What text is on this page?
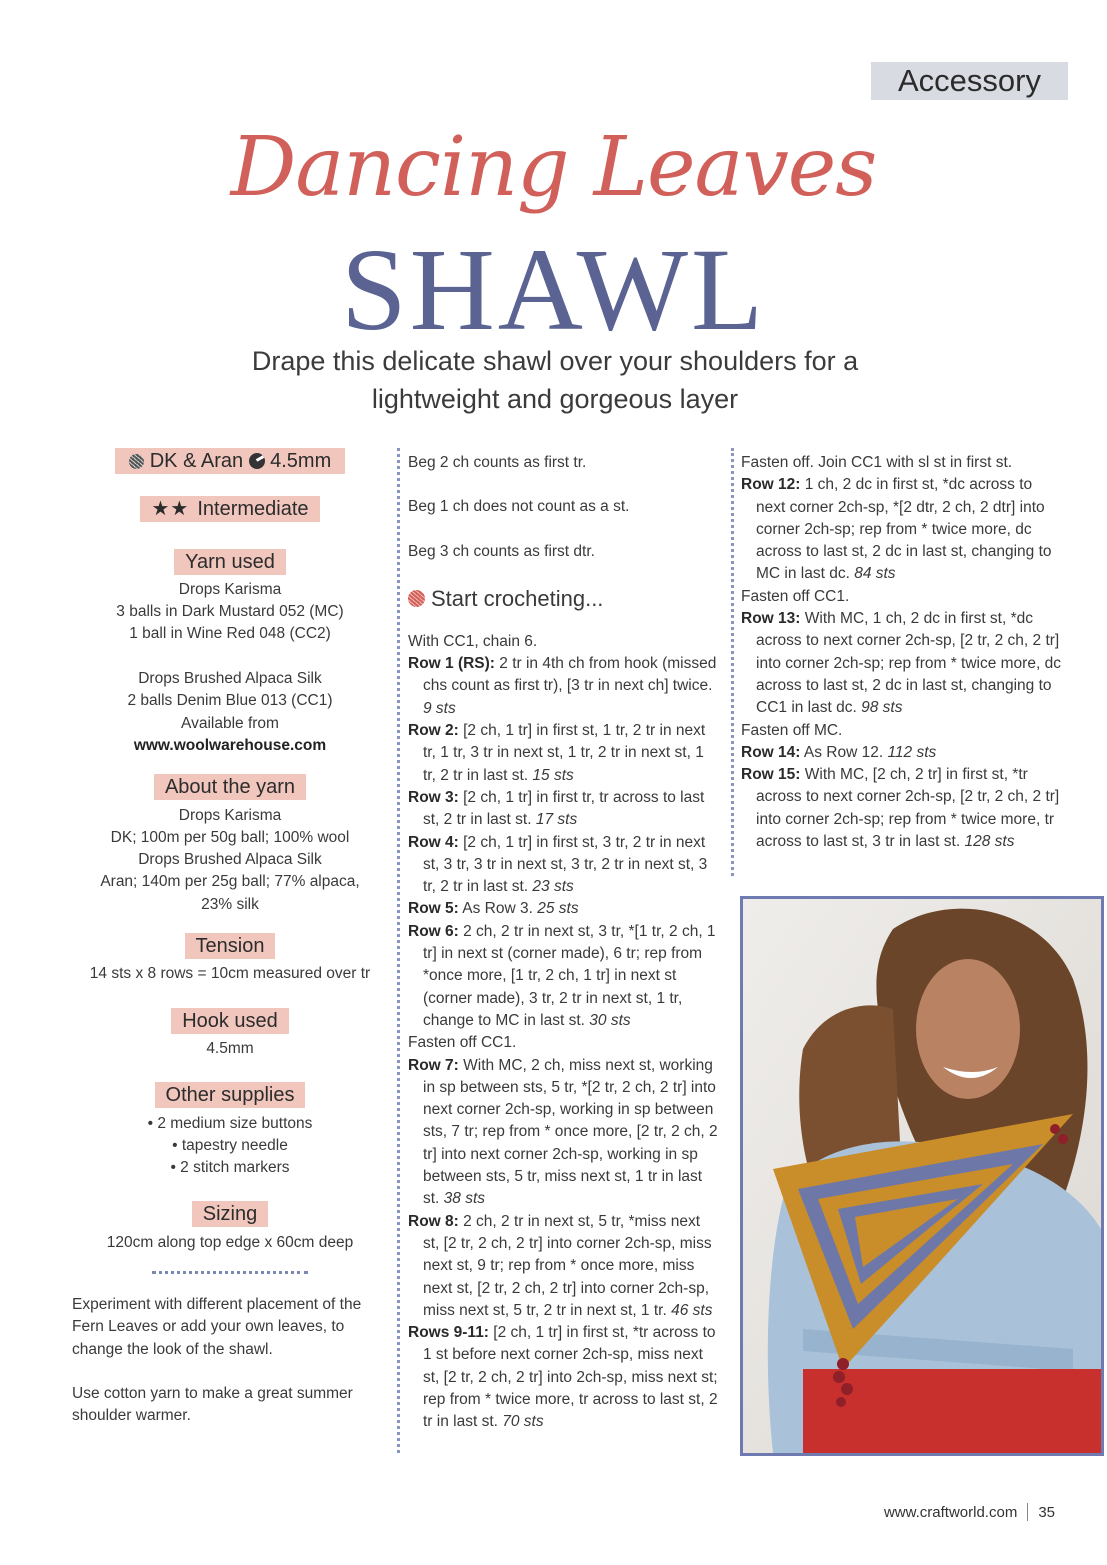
Accessory
Dancing Leaves
SHAWL
Drape this delicate shawl over your shoulders for a
lightweight and gorgeous layer
DK & Aran 4.5mm
★★ Intermediate
Yarn used
Drops Karisma
3 balls in Dark Mustard 052 (MC)
1 ball in Wine Red 048 (CC2)
Drops Brushed Alpaca Silk
2 balls Denim Blue 013 (CC1)
Available from
www.woolwarehouse.com
About the yarn
Drops Karisma
DK; 100m per 50g ball; 100% wool
Drops Brushed Alpaca Silk
Aran; 140m per 25g ball; 77% alpaca,
23% silk
Tension
14 sts x 8 rows = 10cm measured over tr
Hook used
4.5mm
Other supplies
• 2 medium size buttons
• tapestry needle
• 2 stitch markers
Sizing
120cm along top edge x 60cm deep
Experiment with different placement of the Fern Leaves or add your own leaves, to change the look of the shawl.
Use cotton yarn to make a great summer shoulder warmer.

Beg 2 ch counts as first tr.

Beg 1 ch does not count as a st.

Beg 3 ch counts as first dtr.

Start crocheting...

With CC1, chain 6.

Row 1 (RS): 2 tr in 4th ch from hook (missed chs count as first tr), [3 tr in next ch] twice. 9 sts

Row 2: [2 ch, 1 tr] in first st, 1 tr, 2 tr in next tr, 1 tr, 3 tr in next st, 1 tr, 2 tr in next st, 1 tr, 2 tr in last st. 15 sts

Row 3: [2 ch, 1 tr] in first tr, tr across to last st, 2 tr in last st. 17 sts

Row 4: [2 ch, 1 tr] in first st, 3 tr, 2 tr in next st, 3 tr, 3 tr in next st, 3 tr, 2 tr in next st, 3 tr, 2 tr in last st. 23 sts

Row 5: As Row 3. 25 sts

Row 6: 2 ch, 2 tr in next st, 3 tr, *[1 tr, 2 ch, 1 tr] in next st (corner made), 6 tr; rep from *once more, [1 tr, 2 ch, 1 tr] in next st (corner made), 3 tr, 2 tr in next st, 1 tr, change to MC in last st. 30 sts

Fasten off CC1.

Row 7: With MC, 2 ch, miss next st, working in sp between sts, 5 tr, *[2 tr, 2 ch, 2 tr] into next corner 2ch-sp, working in sp between sts, 7 tr; rep from * once more, [2 tr, 2 ch, 2 tr] into next corner 2ch-sp, working in sp between sts, 5 tr, miss next st, 1 tr in last st. 38 sts

Row 8: 2 ch, 2 tr in next st, 5 tr, *miss next st, [2 tr, 2 ch, 2 tr] into corner 2ch-sp, miss next st, 9 tr; rep from * once more, miss next st, [2 tr, 2 ch, 2 tr] into corner 2ch-sp, miss next st, 5 tr, 2 tr in next st, 1 tr. 46 sts

Rows 9-11: [2 ch, 1 tr] in first st, *tr across to 1 st before next corner 2ch-sp, miss next st, [2 tr, 2 ch, 2 tr] into 2ch-sp, miss next st; rep from * twice more, tr across to last st, 2 tr in last st. 70 sts

Fasten off. Join CC1 with sl st in first st.

Row 12: 1 ch, 2 dc in first st, *dc across to next corner 2ch-sp, *[2 dtr, 2 ch, 2 dtr] into corner 2ch-sp; rep from * twice more, dc across to last st, 2 dc in last st, changing to MC in last dc. 84 sts

Fasten off CC1.

Row 13: With MC, 1 ch, 2 dc in first st, *dc across to next corner 2ch-sp, [2 tr, 2 ch, 2 tr] into corner 2ch-sp; rep from * twice more, dc across to last st, 2 dc in last st, changing to CC1 in last dc. 98 sts

Fasten off MC.

Row 14: As Row 12. 112 sts

Row 15: With MC, [2 ch, 2 tr] in first st, *tr across to next corner 2ch-sp, [2 tr, 2 ch, 2 tr] into corner 2ch-sp; rep from * twice more, tr across to last st, 3 tr in last st. 128 sts

www.craftworld.com 35
